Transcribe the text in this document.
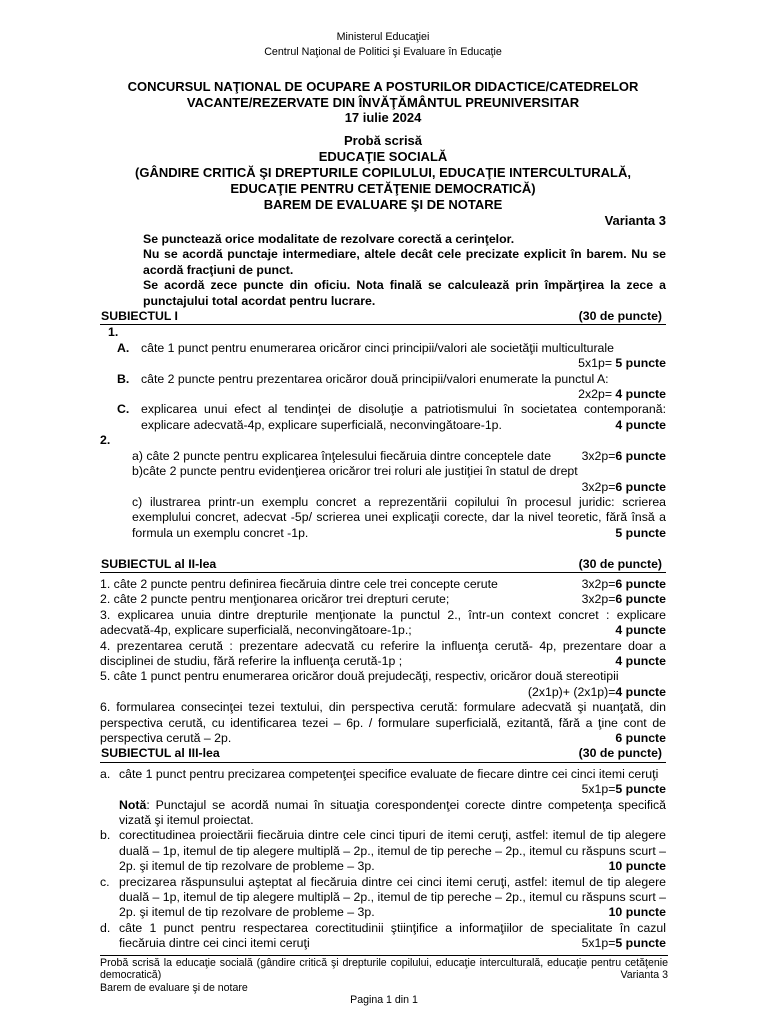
Ministerul Educaţiei
Centrul Naţional de Politici şi Evaluare în Educaţie
CONCURSUL NAŢIONAL DE OCUPARE A POSTURILOR DIDACTICE/CATEDRELOR
VACANTE/REZERVATE DIN ÎNVĂŢĂMÂNTUL PREUNIVERSITAR
17 iulie 2024
Probă scrisă
EDUCAŢIE SOCIALĂ
(GÂNDIRE CRITICĂ ŞI DREPTURILE COPILULUI, EDUCAŢIE INTERCULTURALĂ,
EDUCAŢIE PENTRU CETĂŢENIE DEMOCRATICĂ)
BAREM DE EVALUARE ŞI DE NOTARE
Varianta 3

Se punctează orice modalitate de rezolvare corectă a cerinţelor.

Nu se acordă punctaje intermediare, altele decât cele precizate explicit în barem. Nu se acordă fracţiuni de punct.

Se acordă zece puncte din oficiu. Nota finală se calculează prin împărţirea la zece a punctajului total acordat pentru lucrare.

SUBIECTUL I	(30 de puncte)
1.
A. câte 1 punct pentru enumerarea oricăror cinci principii/valori ale societăţii multiculturale
5x1p= 5 puncte

B. câte 2 puncte pentru prezentarea oricăror două principii/valori enumerate la punctul A:
2x2p= 4 puncte

C. explicarea unui efect al tendinţei de disoluţie a patriotismului în societatea contemporană: explicare adecvată-4p, explicare superficială, neconvingătoare-1p.	4 puncte

2.

a) câte 2 puncte pentru explicarea înţelesului fiecăruia dintre conceptele date	3x2p=6 puncte

b)câte 2 puncte pentru evidenţierea oricăror trei roluri ale justiţiei în statul de drept
3x2p=6 puncte

c) ilustrarea printr-un exemplu concret a reprezentării copilului în procesul juridic: scrierea exemplului concret, adecvat -5p/ scrierea unei explicaţii corecte, dar la nivel teoretic, fără însă a formula un exemplu concret -1p.	5 puncte

SUBIECTUL al II-lea	(30 de puncte)

1. câte 2 puncte pentru definirea fiecăruia dintre cele trei concepte cerute	3x2p=6 puncte

2. câte 2 puncte pentru menţionarea oricăror trei drepturi cerute;	3x2p=6 puncte

3. explicarea unuia dintre drepturile menţionate la punctul 2., într-un context concret : explicare adecvată-4p, explicare superficială, neconvingătoare-1p.;	4 puncte

4. prezentarea cerută : prezentare adecvată cu referire la influenţa cerută- 4p, prezentare doar a disciplinei de studiu, fără referire la influenţa cerută-1p ;	4 puncte

5. câte 1 punct pentru enumerarea oricăror două prejudecăţi, respectiv, oricăror două stereotipii
(2x1p)+ (2x1p)=4 puncte

6. formularea consecinţei tezei textului, din perspectiva cerută: formulare adecvată şi nuanţată, din perspectiva cerută, cu identificarea tezei – 6p. / formulare superficială, ezitantă, fără a ţine cont de perspectiva cerută – 2p.	6 puncte

SUBIECTUL al III-lea	(30 de puncte)
a. câte 1 punct pentru precizarea competenţei specifice evaluate de fiecare dintre cei cinci itemi ceruţi
5x1p=5 puncte

Notă: Punctajul se acordă numai în situaţia corespondenţei corecte dintre competenţa specifică vizată şi itemul proiectat.

b. corectitudinea proiectării fiecăruia dintre cele cinci tipuri de itemi ceruţi, astfel: itemul de tip alegere duală – 1p, itemul de tip alegere multiplă – 2p., itemul de tip pereche – 2p., itemul cu răspuns scurt – 2p. şi itemul de tip rezolvare de probleme – 3p.	10 puncte

c. precizarea răspunsului aşteptat al fiecăruia dintre cei cinci itemi ceruţi, astfel: itemul de tip alegere duală – 1p, itemul de tip alegere multiplă – 2p., itemul de tip pereche – 2p., itemul cu răspuns scurt – 2p. şi itemul de tip rezolvare de probleme – 3p.	10 puncte

d. câte 1 punct pentru respectarea corectitudinii ştiinţifice a informaţiilor de specialitate în cazul fiecăruia dintre cei cinci itemi ceruţi	5x1p=5 puncte

Probă scrisă la educaţie socială (gândire critică şi drepturile copilului, educaţie interculturală, educaţie pentru cetăţenie democratică)	Varianta 3

Barem de evaluare şi de notare
Pagina 1 din 1
